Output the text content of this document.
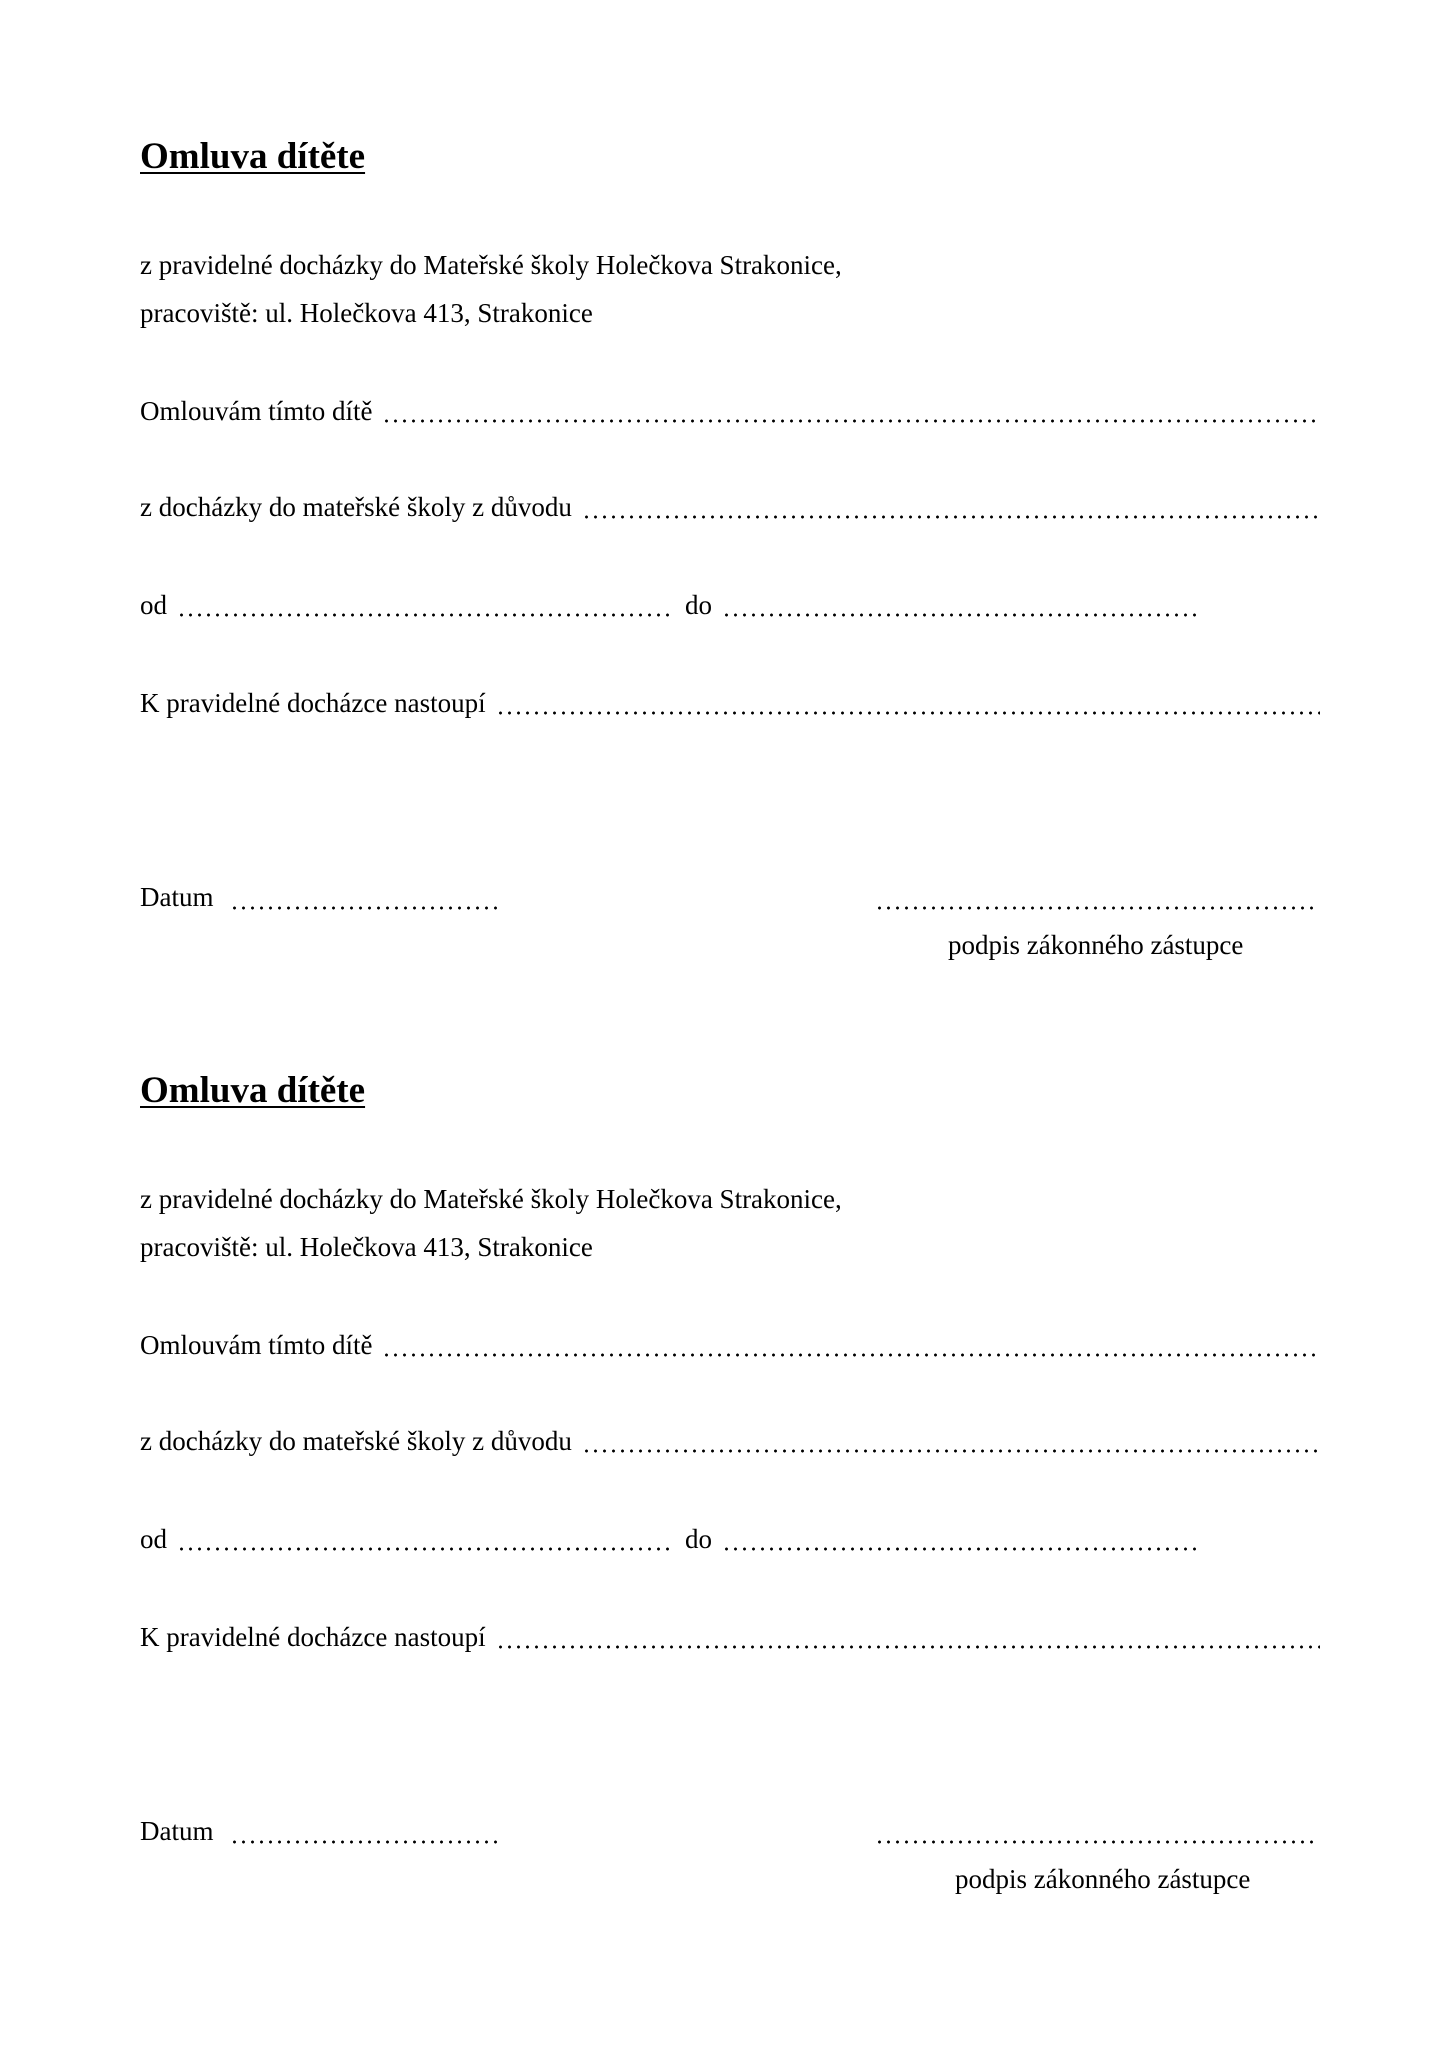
Omluva dítěte
z pravidelné docházky do Mateřské školy Holečkova Strakonice,
pracoviště: ul. Holečkova 413, Strakonice
Omlouvám tímto dítě
z docházky do mateřské školy z důvodu
od	do
K pravidelné docházce nastoupí
Datum
podpis zákonného zástupce
Omluva dítěte
z pravidelné docházky do Mateřské školy Holečkova Strakonice,
pracoviště: ul. Holečkova 413, Strakonice
Omlouvám tímto dítě
z docházky do mateřské školy z důvodu
od	do
K pravidelné docházce nastoupí
Datum
podpis zákonného zástupce
